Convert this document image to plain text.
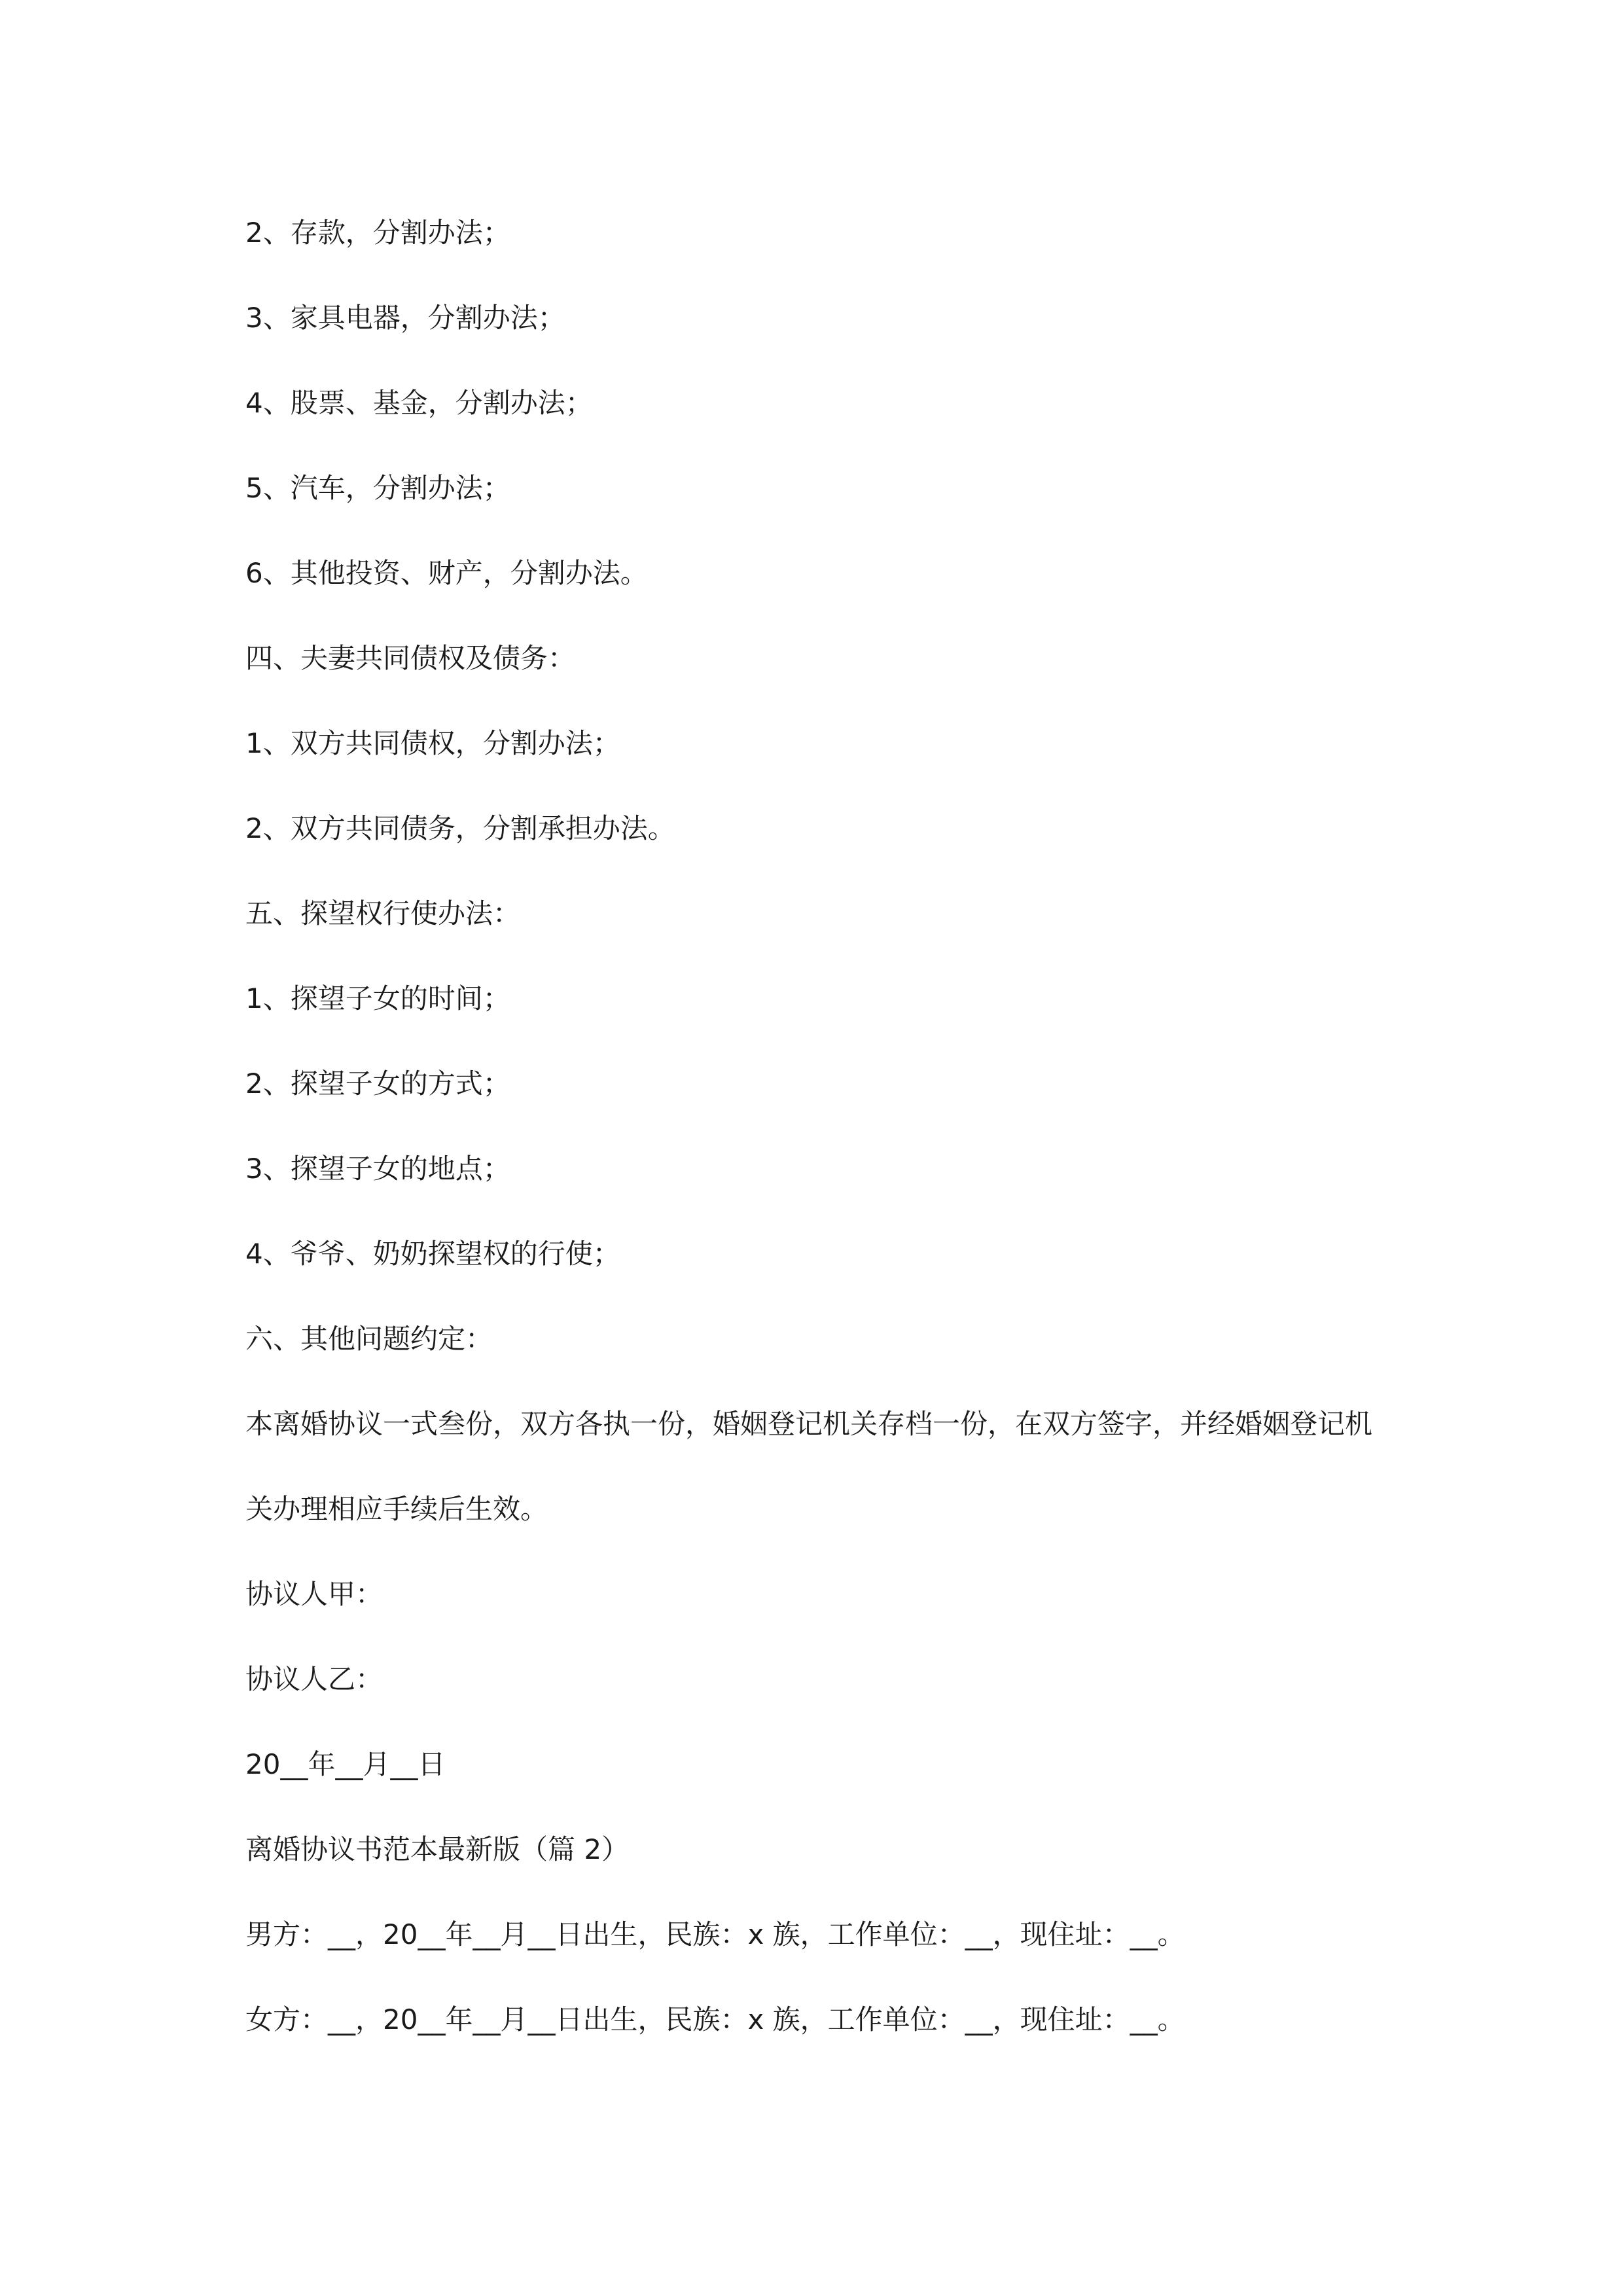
2、存款，分割办法；

3、家具电器，分割办法；

4、股票、基金，分割办法；

5、汽车，分割办法；

6、其他投资、财产，分割办法。

四、夫妻共同债权及债务：

1、双方共同债权，分割办法；

2、双方共同债务，分割承担办法。

五、探望权行使办法：

1、探望子女的时间；

2、探望子女的方式；

3、探望子女的地点；

4、爷爷、奶奶探望权的行使；

六、其他问题约定：

本离婚协议一式叁份，双方各执一份，婚姻登记机关存档一份，在双方签字，并经婚姻登记机关办理相应手续后生效。

协议人甲：

协议人乙：

20__年__月__日

离婚协议书范本最新版（篇 2）

男方：__，20__年__月__日出生，民族：x 族，工作单位：__，现住址：__。

女方：__，20__年__月__日出生，民族：x 族，工作单位：__，现住址：__。
